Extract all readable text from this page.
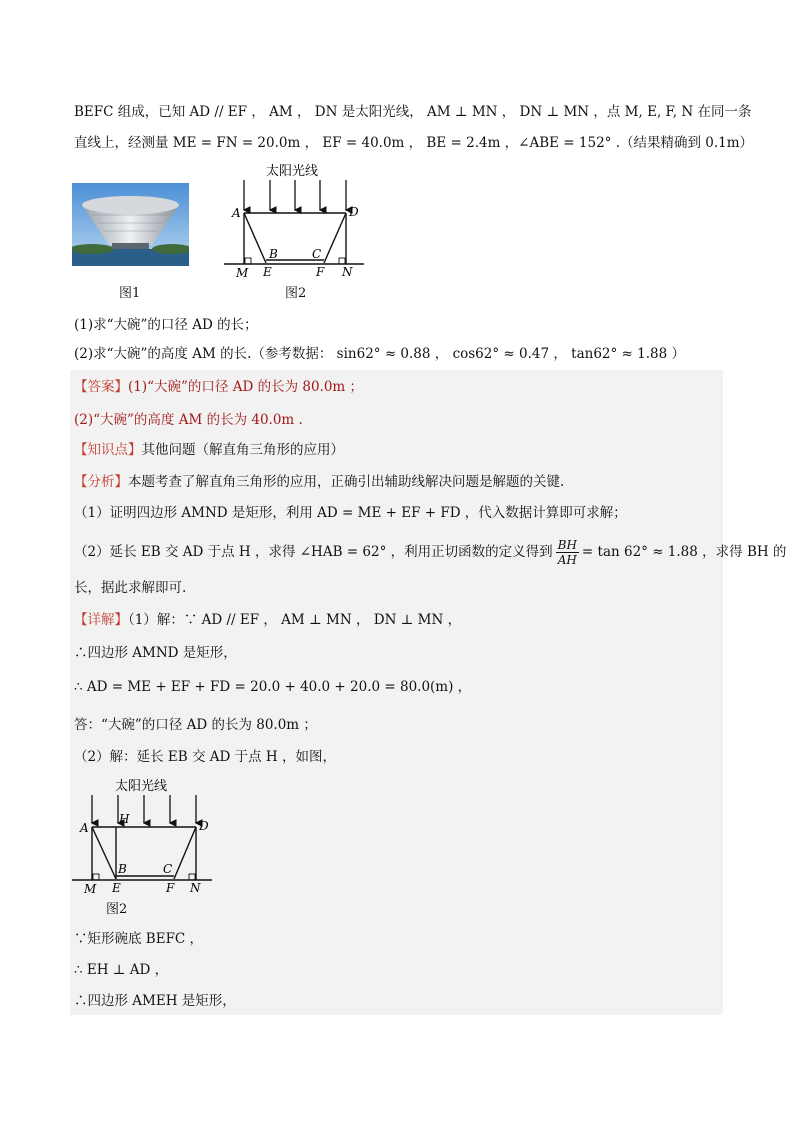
BEFC 组成，已知 AD // EF ， AM ， DN 是太阳光线， AM ⊥ MN ， DN ⊥ MN ，点 M, E, F, N 在同一条
直线上，经测量 ME = FN = 20.0m ， EF = 40.0m ， BE = 2.4m ，∠ABE = 152° .（结果精确到 0.1m）
图1
太阳光线
A	D
B	C
M E	F N
图2
(1)求“大碗”的口径 AD 的长；
(2)求“大碗”的高度 AM 的长.（参考数据： sin62° ≈ 0.88 ， cos62° ≈ 0.47 ， tan62° ≈ 1.88 ）
【答案】(1)“大碗”的口径 AD 的长为 80.0m ；
(2)“大碗”的高度 AM 的长为 40.0m .
【知识点】其他问题（解直角三角形的应用）
【分析】本题考查了解直角三角形的应用，正确引出辅助线解决问题是解题的关键.
（1）证明四边形 AMND 是矩形，利用 AD = ME + EF + FD ，代入数据计算即可求解；
（2）延长 EB 交 AD 于点 H ，求得 ∠HAB = 62° ，利用正切函数的定义得到 $\frac{BH}{AH} = \tan 62^\circ \approx 1.88$ ，求得 BH 的
长，据此求解即可.
【详解】（1）解：∵ AD // EF ， AM ⊥ MN ， DN ⊥ MN ，
∴四边形 AMND 是矩形，
∴ AD = ME + EF + FD = 20.0 + 40.0 + 20.0 = 80.0(m) ，
答：“大碗”的口径 AD 的长为 80.0m ；
（2）解：延长 EB 交 AD 于点 H ，如图，
太阳光线
A
H	D
B	C
M E	F N
图2
∵矩形碗底 BEFC ，
∴ EH ⊥ AD ，
∴四边形 AMEH 是矩形，
